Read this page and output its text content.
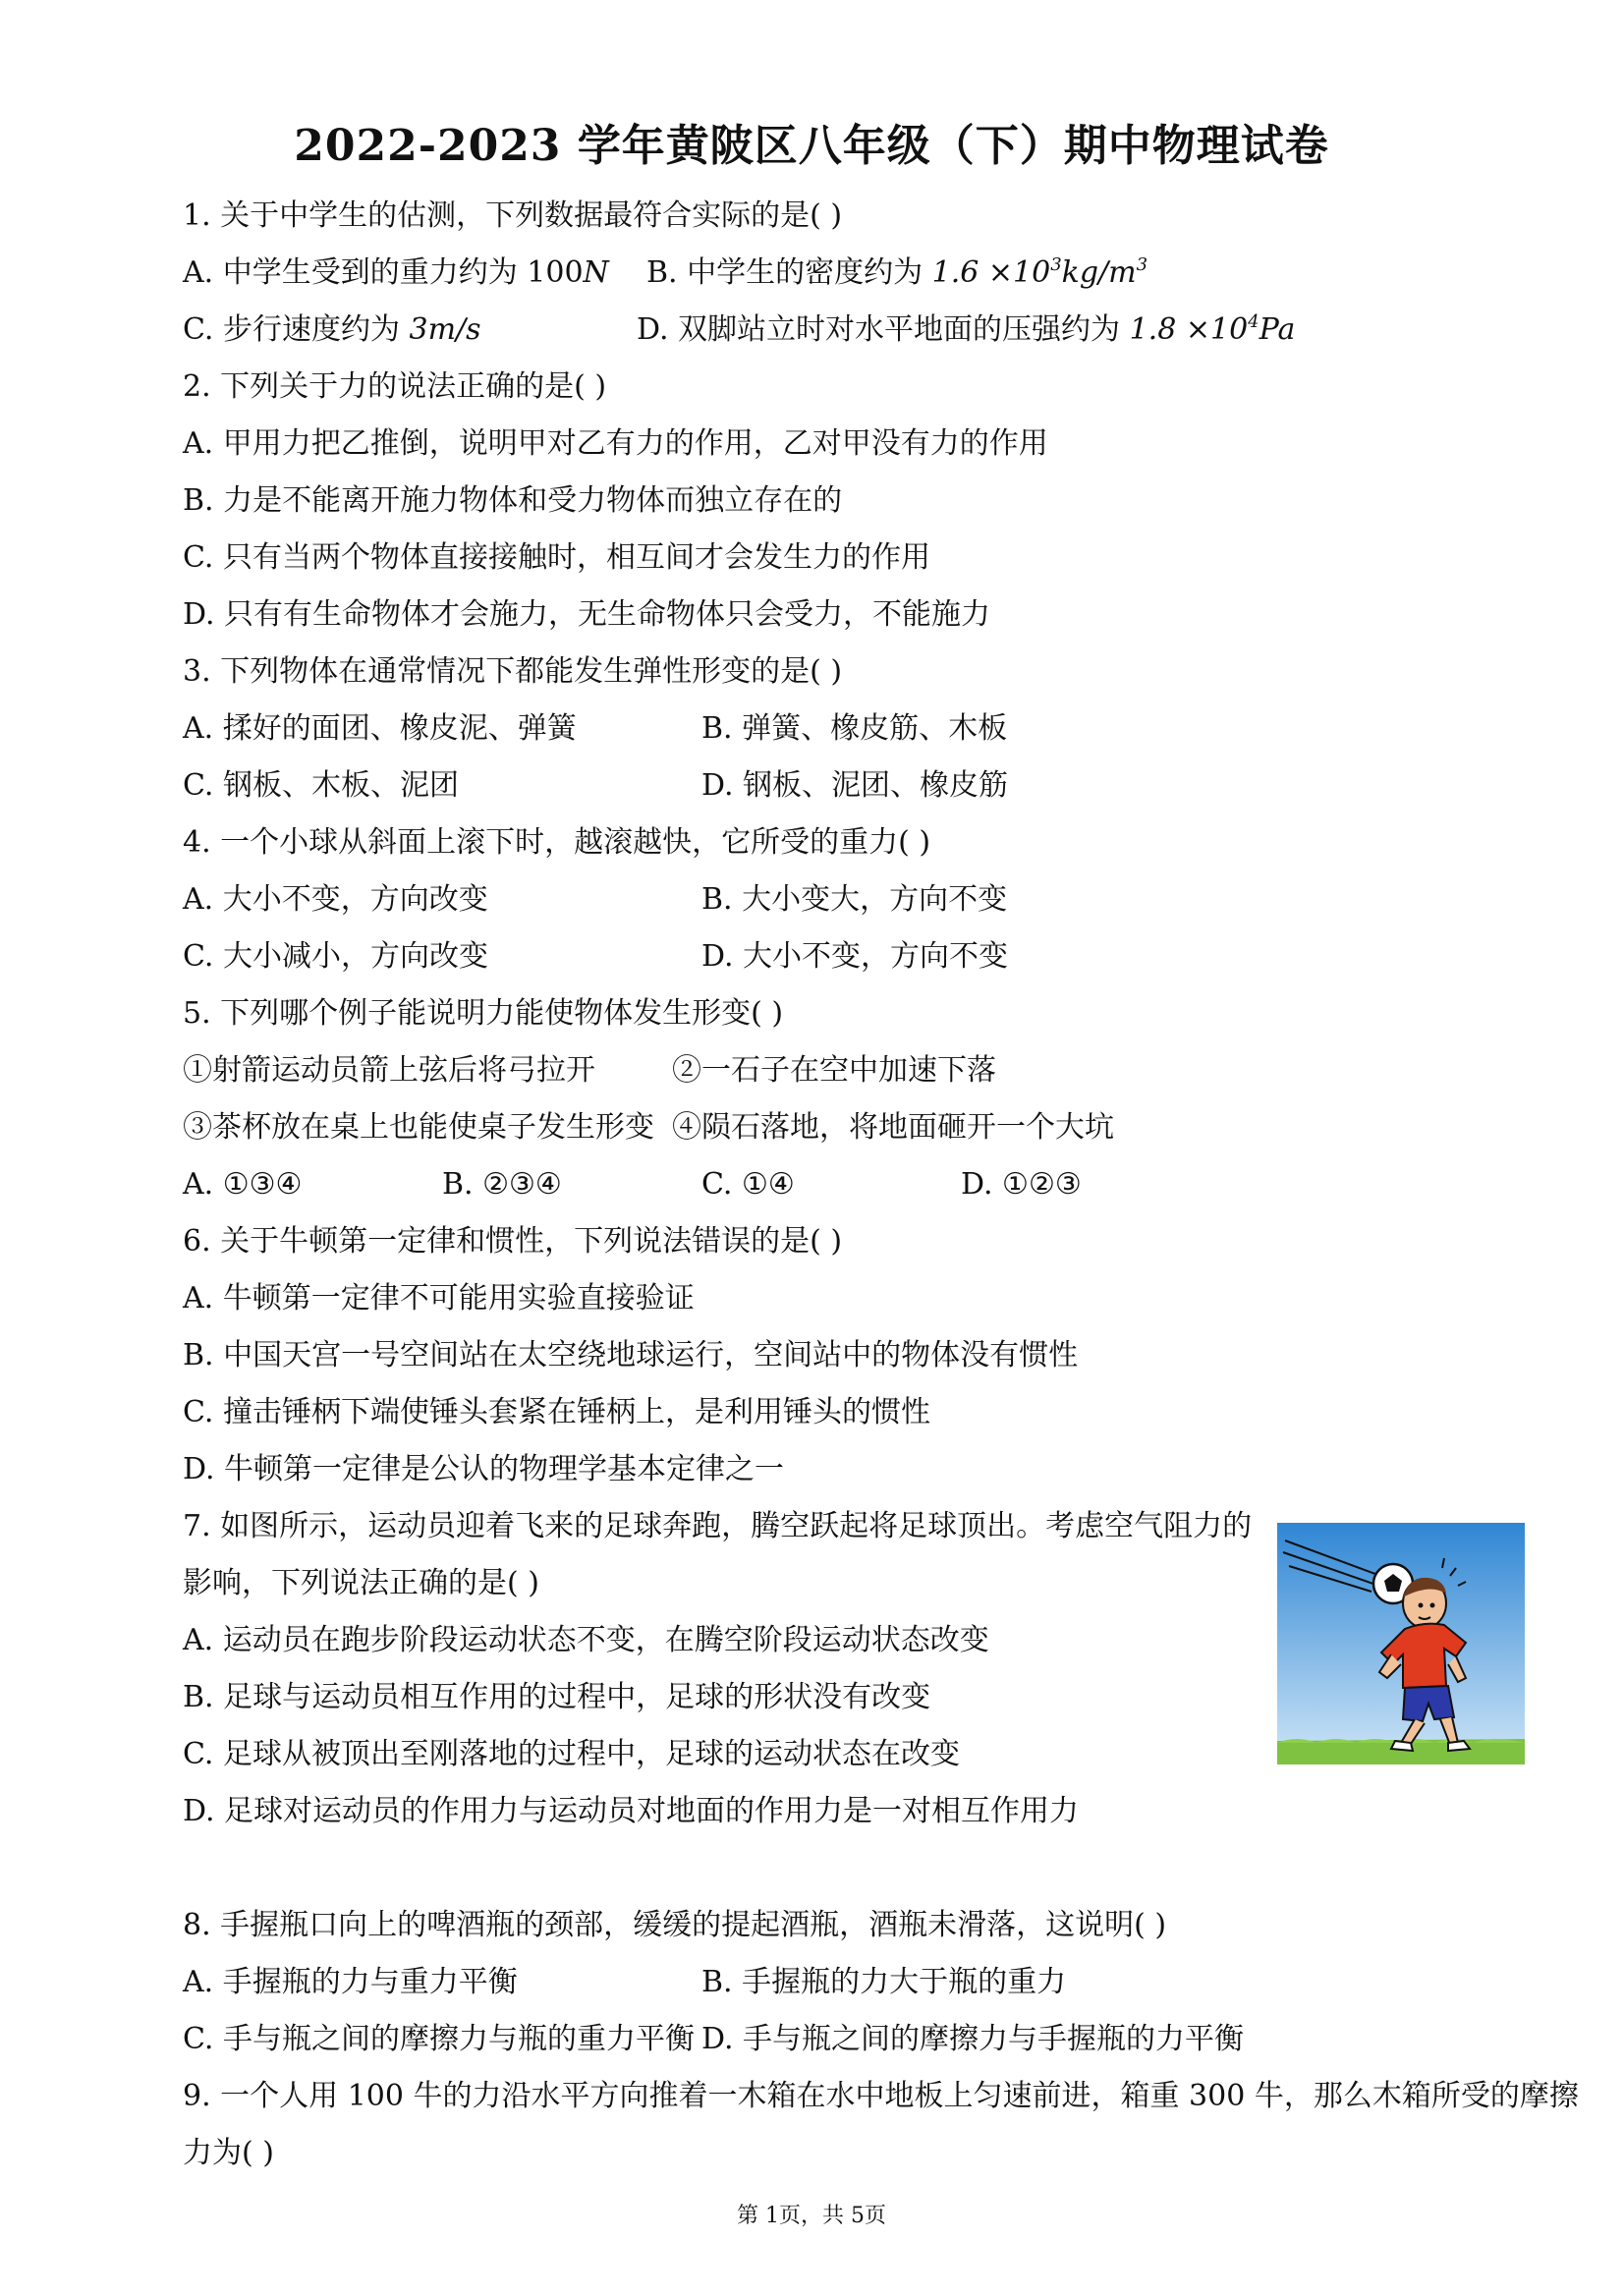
2022-2023 学年黄陂区八年级（下）期中物理试卷
1. 关于中学生的估测，下列数据最符合实际的是( )
A. 中学生受到的重力约为 100N B. 中学生的密度约为 $1.6 \times 10^3kg/m^3$
C. 步行速度约为 3m/s	D. 双脚站立时对水平地面的压强约为 $1.8 \times 10^4Pa$
2. 下列关于力的说法正确的是( )
A. 甲用力把乙推倒，说明甲对乙有力的作用，乙对甲没有力的作用
B. 力是不能离开施力物体和受力物体而独立存在的
C. 只有当两个物体直接接触时，相互间才会发生力的作用
D. 只有有生命物体才会施力，无生命物体只会受力，不能施力
3. 下列物体在通常情况下都能发生弹性形变的是( )
A. 揉好的面团、橡皮泥、弹簧	B. 弹簧、橡皮筋、木板
C. 钢板、木板、泥团	D. 钢板、泥团、橡皮筋
4. 一个小球从斜面上滚下时，越滚越快，它所受的重力( )
A. 大小不变，方向改变	B. 大小变大，方向不变
C. 大小减小，方向改变	D. 大小不变，方向不变
5. 下列哪个例子能说明力能使物体发生形变( )
①射箭运动员箭上弦后将弓拉开	②一石子在空中加速下落
③茶杯放在桌上也能使桌子发生形变 ④陨石落地，将地面砸开一个大坑
A. ①③④	B. ②③④	C. ①④	D. ①②③
6. 关于牛顿第一定律和惯性，下列说法错误的是( )
A. 牛顿第一定律不可能用实验直接验证
B. 中国天宫一号空间站在太空绕地球运行，空间站中的物体没有惯性
C. 撞击锤柄下端使锤头套紧在锤柄上，是利用锤头的惯性
D. 牛顿第一定律是公认的物理学基本定律之一
7. 如图所示，运动员迎着飞来的足球奔跑，腾空跃起将足球顶出。考虑空气阻力的
影响，下列说法正确的是( )
A. 运动员在跑步阶段运动状态不变，在腾空阶段运动状态改变
B. 足球与运动员相互作用的过程中，足球的形状没有改变
C. 足球从被顶出至刚落地的过程中，足球的运动状态在改变
D. 足球对运动员的作用力与运动员对地面的作用力是一对相互作用力
8. 手握瓶口向上的啤酒瓶的颈部，缓缓的提起酒瓶，酒瓶未滑落，这说明( )
A. 手握瓶的力与重力平衡	B. 手握瓶的力大于瓶的重力
C. 手与瓶之间的摩擦力与瓶的重力平衡 D. 手与瓶之间的摩擦力与手握瓶的力平衡
9. 一个人用 100 牛的力沿水平方向推着一木箱在水中地板上匀速前进，箱重 300 牛，那么木箱所受的摩擦
力为( )
第 1页，共 5页
